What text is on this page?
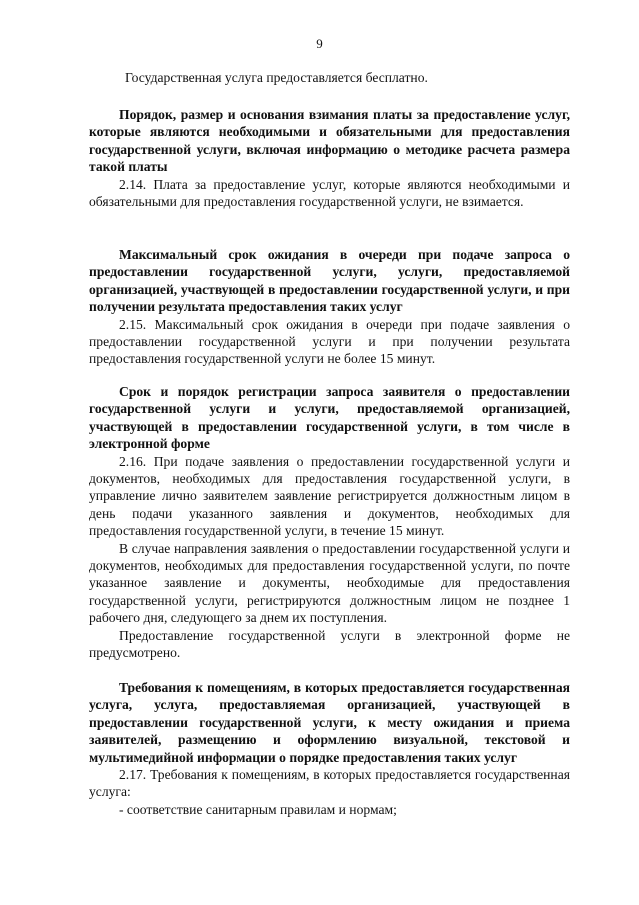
9

Государственная услуга предоставляется бесплатно.

Порядок, размер и основания взимания платы за предоставление услуг, которые являются необходимыми и обязательными для предоставления государственной услуги, включая информацию о методике расчета размера такой платы

2.14. Плата за предоставление услуг, которые являются необходимыми и обязательными для предоставления государственной услуги, не взимается.

Максимальный срок ожидания в очереди при подаче запроса о предоставлении государственной услуги, услуги, предоставляемой организацией, участвующей в предоставлении государственной услуги, и при получении результата предоставления таких услуг

2.15. Максимальный срок ожидания в очереди при подаче заявления о предоставлении государственной услуги и при получении результата предоставления государственной услуги не более 15 минут.

Срок и порядок регистрации запроса заявителя о предоставлении государственной услуги и услуги, предоставляемой организацией, участвующей в предоставлении государственной услуги, в том числе в электронной форме

2.16. При подаче заявления о предоставлении государственной услуги и документов, необходимых для предоставления государственной услуги, в управление лично заявителем заявление регистрируется должностным лицом в день подачи указанного заявления и документов, необходимых для предоставления государственной услуги, в течение 15 минут.

В случае направления заявления о предоставлении государственной услуги и документов, необходимых для предоставления государственной услуги, по почте указанное заявление и документы, необходимые для предоставления государственной услуги, регистрируются должностным лицом не позднее 1 рабочего дня, следующего за днем их поступления.

Предоставление государственной услуги в электронной форме не предусмотрено.

Требования к помещениям, в которых предоставляется государственная услуга, услуга, предоставляемая организацией, участвующей в предоставлении государственной услуги, к месту ожидания и приема заявителей, размещению и оформлению визуальной, текстовой и мультимедийной информации о порядке предоставления таких услуг

2.17. Требования к помещениям, в которых предоставляется государственная услуга:

- соответствие санитарным правилам и нормам;
